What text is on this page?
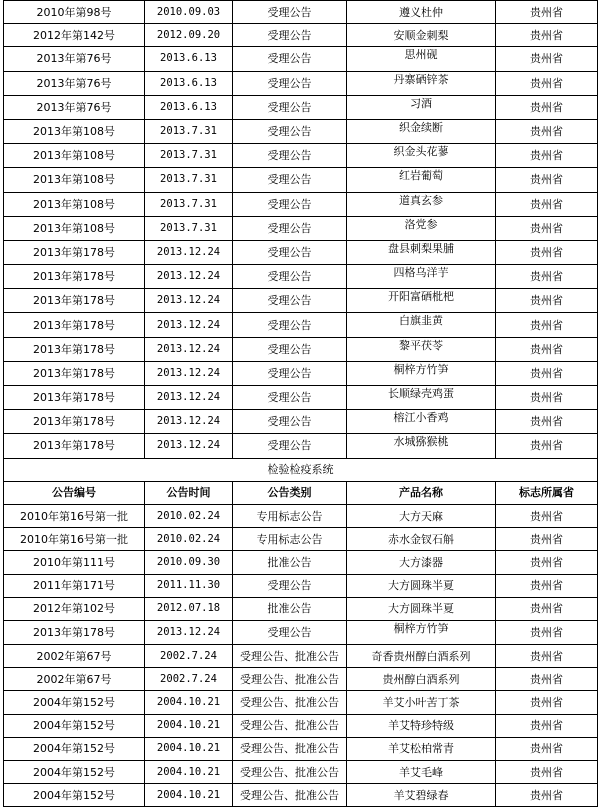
2010年第98号	2010.09.03	受理公告	遵义杜仲	贵州省
2012年第142号	2012.09.20	受理公告	安顺金刺梨	贵州省
2013年第76号	2013.6.13	受理公告	思州砚	贵州省
2013年第76号	2013.6.13	受理公告	丹寨硒锌茶	贵州省
2013年第76号	2013.6.13	受理公告	习酒	贵州省
2013年第108号	2013.7.31	受理公告	织金续断	贵州省
2013年第108号	2013.7.31	受理公告	织金头花蓼	贵州省
2013年第108号	2013.7.31	受理公告	红岩葡萄	贵州省
2013年第108号	2013.7.31	受理公告	道真玄参	贵州省
2013年第108号	2013.7.31	受理公告	洛党参	贵州省
2013年第178号	2013.12.24	受理公告	盘县刺梨果脯	贵州省
2013年第178号	2013.12.24	受理公告	四格乌洋芋	贵州省
2013年第178号	2013.12.24	受理公告	开阳富硒枇杷	贵州省
2013年第178号	2013.12.24	受理公告	白旗韭黄	贵州省
2013年第178号	2013.12.24	受理公告	黎平茯苓	贵州省
2013年第178号	2013.12.24	受理公告	桐梓方竹笋	贵州省
2013年第178号	2013.12.24	受理公告	长顺绿壳鸡蛋	贵州省
2013年第178号	2013.12.24	受理公告	榕江小香鸡	贵州省
2013年第178号	2013.12.24	受理公告	水城猕猴桃	贵州省
检验检疫系统				
公告编号	公告时间	公告类别	产品名称	标志所属省
2010年第16号第一批	2010.02.24	专用标志公告	大方天麻	贵州省
2010年第16号第一批	2010.02.24	专用标志公告	赤水金钗石斛	贵州省
2010年第111号	2010.09.30	批准公告	大方漆器	贵州省
2011年第171号	2011.11.30	受理公告	大方圆珠半夏	贵州省
2012年第102号	2012.07.18	批准公告	大方圆珠半夏	贵州省
2013年第178号	2013.12.24	受理公告	桐梓方竹笋	贵州省
2002年第67号	2002.7.24	受理公告、批准公告	奇香贵州醇白酒系列	贵州省
2002年第67号	2002.7.24	受理公告、批准公告	贵州醇白酒系列	贵州省
2004年第152号	2004.10.21	受理公告、批准公告	羊艾小叶苦丁茶	贵州省
2004年第152号	2004.10.21	受理公告、批准公告	羊艾特珍特级	贵州省
2004年第152号	2004.10.21	受理公告、批准公告	羊艾松柏常青	贵州省
2004年第152号	2004.10.21	受理公告、批准公告	羊艾毛峰	贵州省
2004年第152号	2004.10.21	受理公告、批准公告	羊艾碧绿春	贵州省
